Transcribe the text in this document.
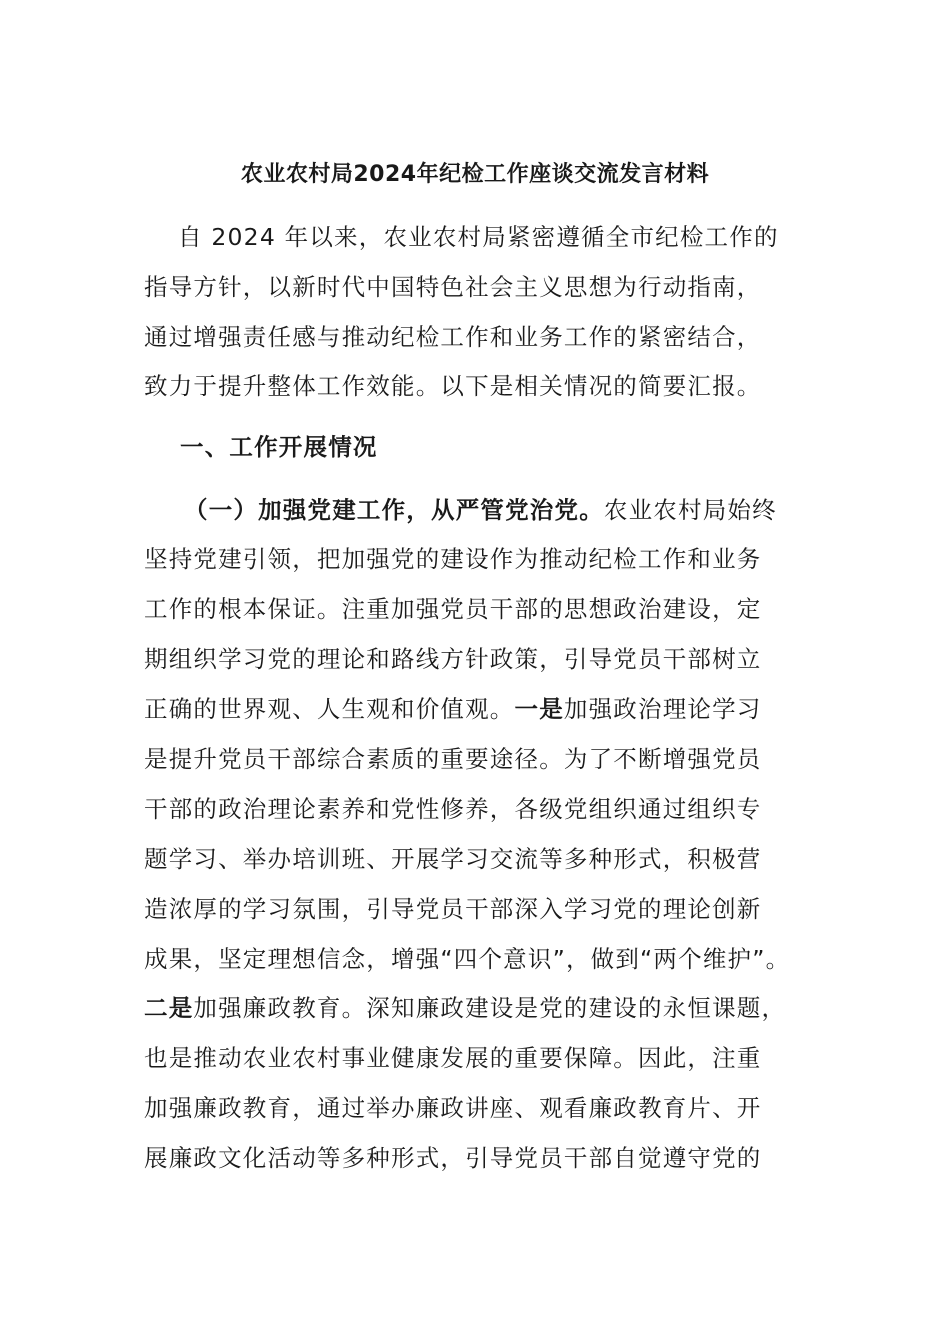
农业农村局2024年纪检工作座谈交流发言材料

自 2024 年以来，农业农村局紧密遵循全市纪检工作的

指导方针，以新时代中国特色社会主义思想为行动指南，

通过增强责任感与推动纪检工作和业务工作的紧密结合，

致力于提升整体工作效能。以下是相关情况的简要汇报。

一、工作开展情况

（一）加强党建工作，从严管党治党。农业农村局始终

坚持党建引领，把加强党的建设作为推动纪检工作和业务

工作的根本保证。注重加强党员干部的思想政治建设，定

期组织学习党的理论和路线方针政策，引导党员干部树立

正确的世界观、人生观和价值观。一是加强政治理论学习

是提升党员干部综合素质的重要途径。为了不断增强党员

干部的政治理论素养和党性修养，各级党组织通过组织专

题学习、举办培训班、开展学习交流等多种形式，积极营

造浓厚的学习氛围，引导党员干部深入学习党的理论创新

成果，坚定理想信念，增强“四个意识”，做到“两个维护”。

二是加强廉政教育。深知廉政建设是党的建设的永恒课题，

也是推动农业农村事业健康发展的重要保障。因此，注重

加强廉政教育，通过举办廉政讲座、观看廉政教育片、开

展廉政文化活动等多种形式，引导党员干部自觉遵守党的
